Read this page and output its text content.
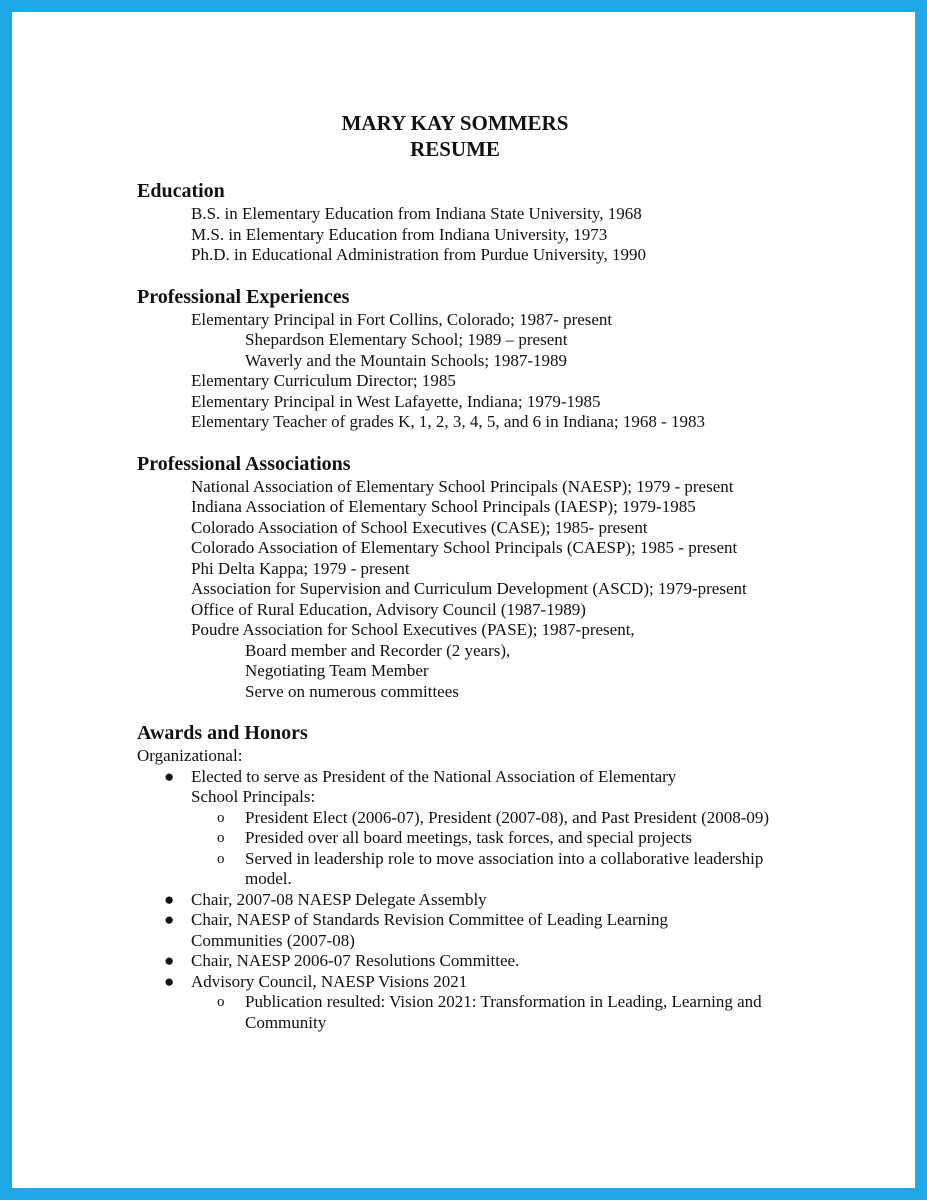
MARY KAY SOMMERS
RESUME
Education
B.S. in Elementary Education from Indiana State University, 1968
M.S. in Elementary Education from Indiana University, 1973
Ph.D. in Educational Administration from Purdue University, 1990
Professional Experiences
Elementary Principal in Fort Collins, Colorado; 1987- present
Shepardson Elementary School; 1989 – present
Waverly and the Mountain Schools; 1987-1989
Elementary Curriculum Director; 1985
Elementary Principal in West Lafayette, Indiana; 1979-1985
Elementary Teacher of grades K, 1, 2, 3, 4, 5, and 6 in Indiana; 1968 - 1983
Professional Associations
National Association of Elementary School Principals (NAESP); 1979 - present
Indiana Association of Elementary School Principals (IAESP); 1979-1985
Colorado Association of School Executives (CASE); 1985- present
Colorado Association of Elementary School Principals (CAESP); 1985 - present
Phi Delta Kappa; 1979 - present
Association for Supervision and Curriculum Development (ASCD); 1979-present
Office of Rural Education, Advisory Council (1987-1989)
Poudre Association for School Executives (PASE); 1987-present,
Board member and Recorder (2 years),
Negotiating Team Member
Serve on numerous committees
Awards and Honors
Organizational:
● Elected to serve as President of the National Association of Elementary School Principals:
o President Elect (2006-07), President (2007-08), and Past President (2008-09)
o Presided over all board meetings, task forces, and special projects
o Served in leadership role to move association into a collaborative leadership model.
● Chair, 2007-08 NAESP Delegate Assembly
● Chair, NAESP of Standards Revision Committee of Leading Learning Communities (2007-08)
● Chair, NAESP 2006-07 Resolutions Committee.
● Advisory Council, NAESP Visions 2021
o Publication resulted: Vision 2021: Transformation in Leading, Learning and Community
